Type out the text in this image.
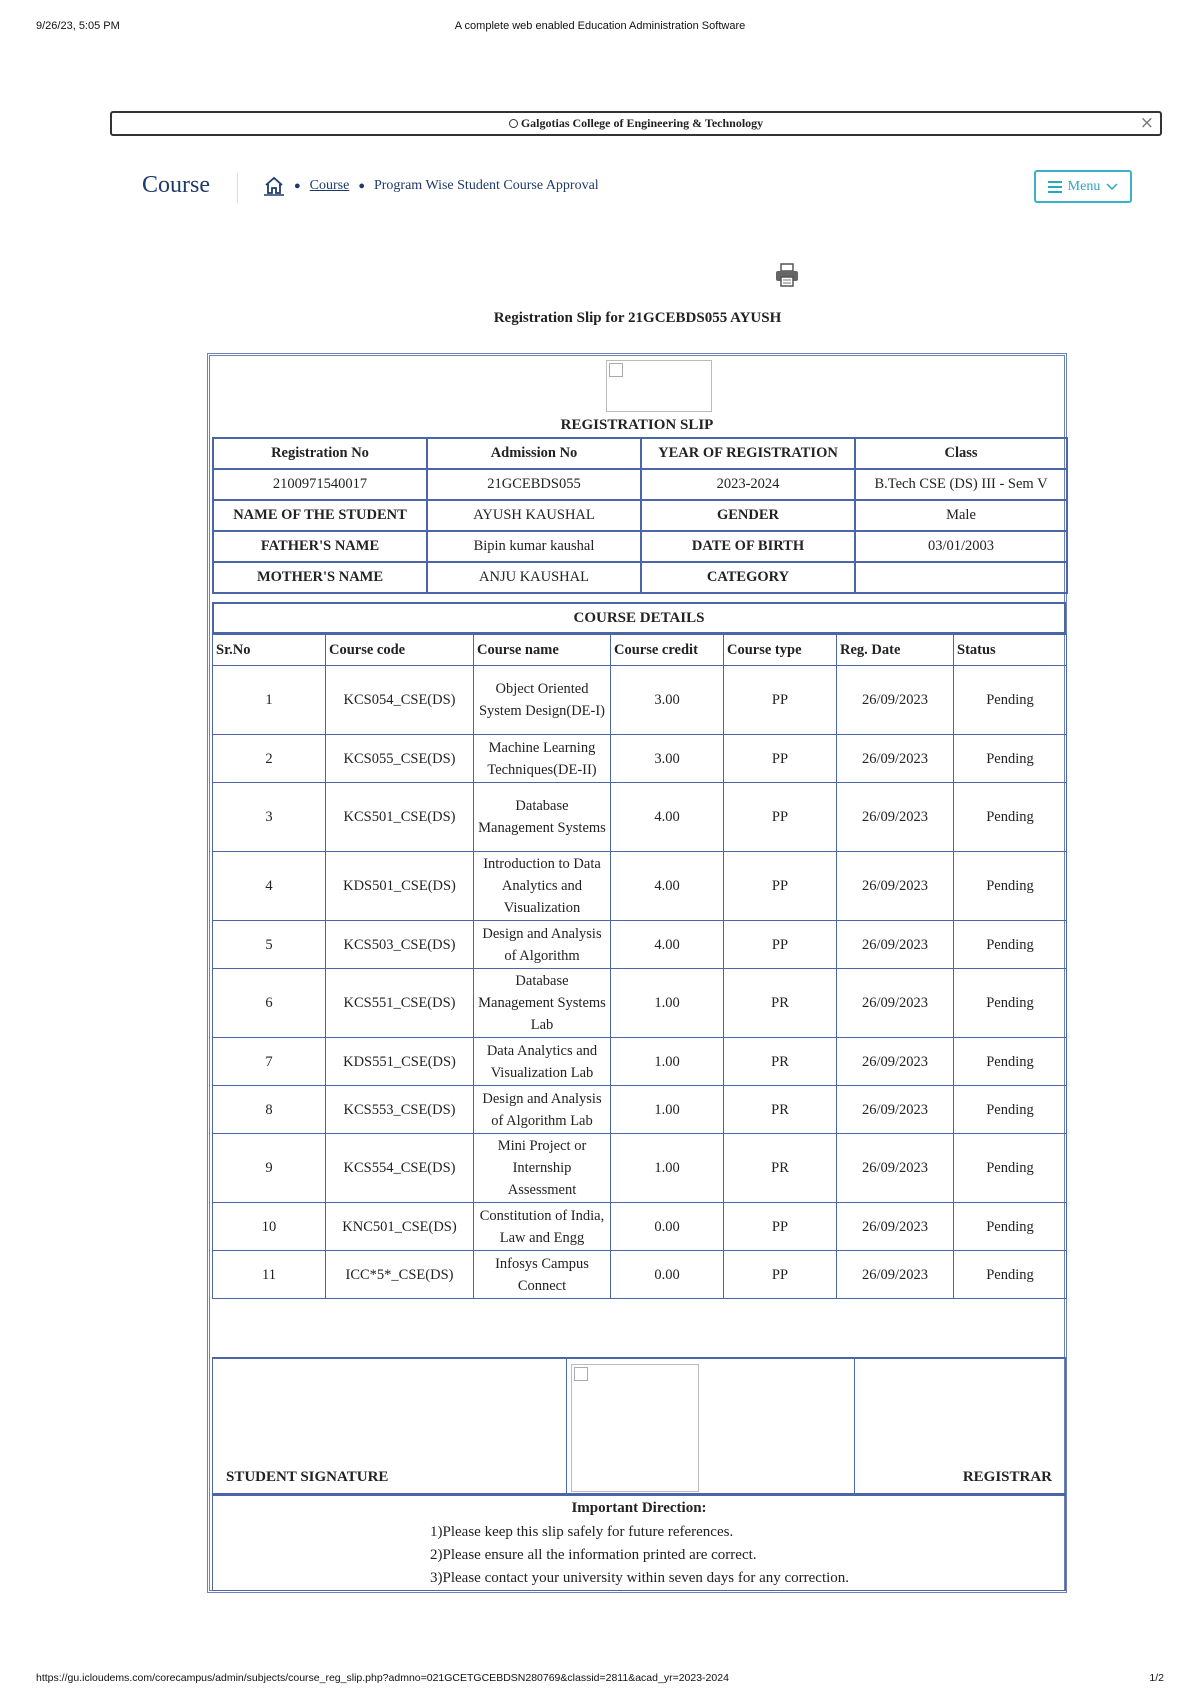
9/26/23, 5:05 PM	A complete web enabled Education Administration Software
Galgotias College of Engineering & Technology	×
Course	● Course ● Program Wise Student Course Approval	Menu
Registration Slip for 21GCEBDS055 AYUSH
REGISTRATION SLIP
Registration No	Admission No	YEAR OF REGISTRATION	Class
2100971540017	21GCEBDS055	2023-2024	B.Tech CSE (DS) III - Sem V
NAME OF THE STUDENT	AYUSH KAUSHAL	GENDER	Male
FATHER'S NAME	Bipin kumar kaushal	DATE OF BIRTH	03/01/2003
MOTHER'S NAME	ANJU KAUSHAL	CATEGORY	
COURSE DETAILS
Sr.No	Course code	Course name	Course credit	Course type	Reg. Date	Status
1	KCS054_CSE(DS)	Object Oriented System Design(DE-I)	3.00	PP	26/09/2023	Pending
2	KCS055_CSE(DS)	Machine Learning Techniques(DE-II)	3.00	PP	26/09/2023	Pending
3	KCS501_CSE(DS)	Database Management Systems	4.00	PP	26/09/2023	Pending
4	KDS501_CSE(DS)	Introduction to Data Analytics and Visualization	4.00	PP	26/09/2023	Pending
5	KCS503_CSE(DS)	Design and Analysis of Algorithm	4.00	PP	26/09/2023	Pending
6	KCS551_CSE(DS)	Database Management Systems Lab	1.00	PR	26/09/2023	Pending
7	KDS551_CSE(DS)	Data Analytics and Visualization Lab	1.00	PR	26/09/2023	Pending
8	KCS553_CSE(DS)	Design and Analysis of Algorithm Lab	1.00	PR	26/09/2023	Pending
9	KCS554_CSE(DS)	Mini Project or Internship Assessment	1.00	PR	26/09/2023	Pending
10	KNC501_CSE(DS)	Constitution of India, Law and Engg	0.00	PP	26/09/2023	Pending
11	ICC*5*_CSE(DS)	Infosys Campus Connect	0.00	PP	26/09/2023	Pending
STUDENT SIGNATURE	REGISTRAR
Important Direction:
1)Please keep this slip safely for future references.
2)Please ensure all the information printed are correct.
3)Please contact your university within seven days for any correction.
https://gu.icloudems.com/corecampus/admin/subjects/course_reg_slip.php?admno=021GCETGCEBDSN280769&classid=2811&acad_yr=2023-2024	1/2
